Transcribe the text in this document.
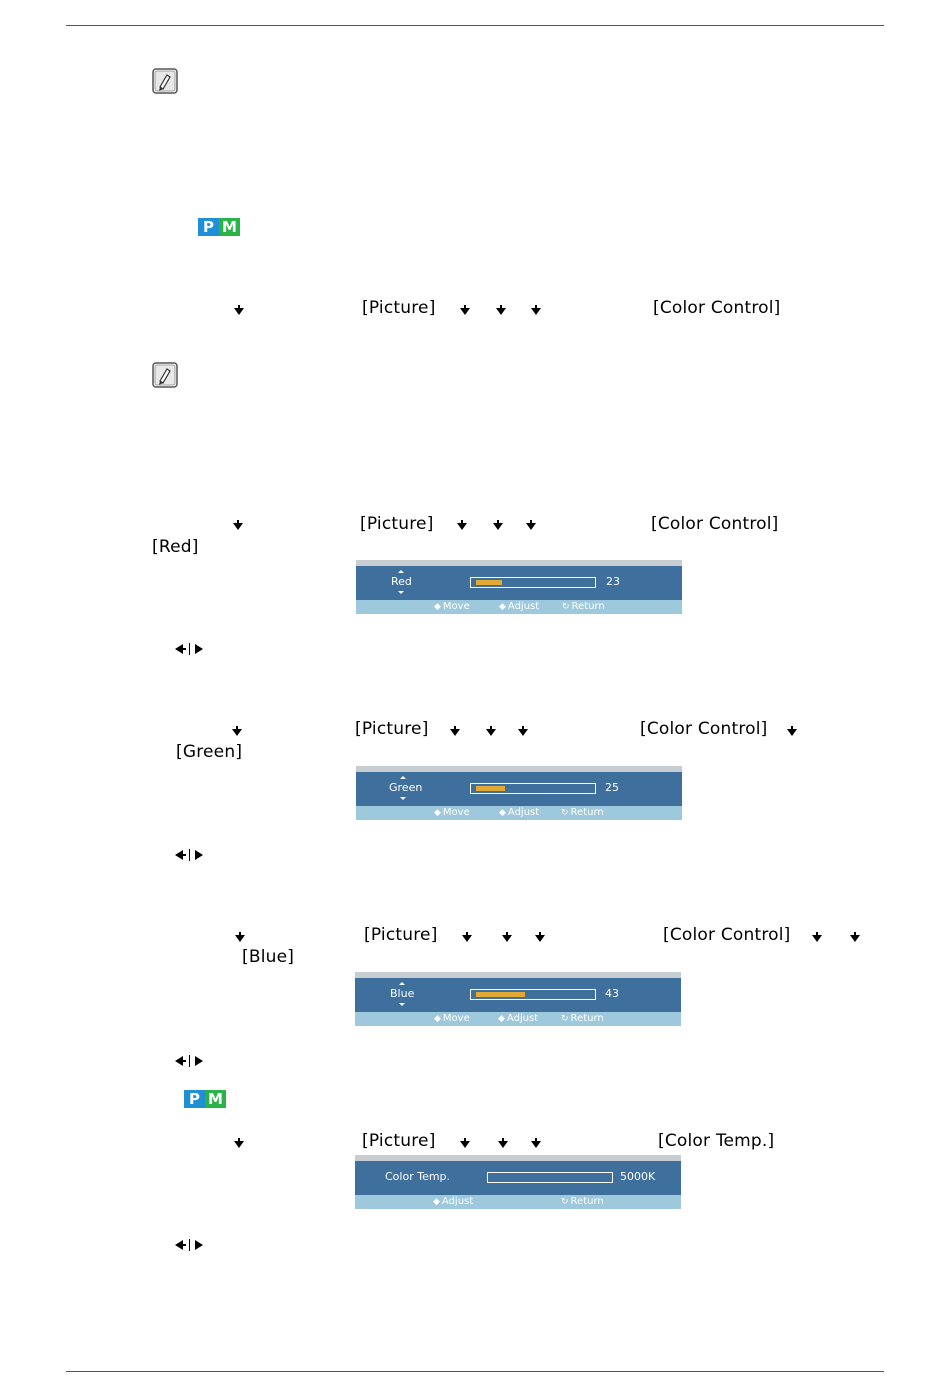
P M
[Picture]	[Color Control]
[Picture]	[Color Control]
[Red]
Red	23
◆ Move	◆ Adjust	↻ Return
[Picture]	[Color Control]
[Green]
Green	25
◆ Move	◆ Adjust ↻ Return
[Picture]	[Color Control]
[Blue]
Blue	43
◆ Move	◆ Adjust	↻ Return
P M
[Picture]	[Color Temp.]
Color Temp.	5000K
◆ Adjust	↻ Return
